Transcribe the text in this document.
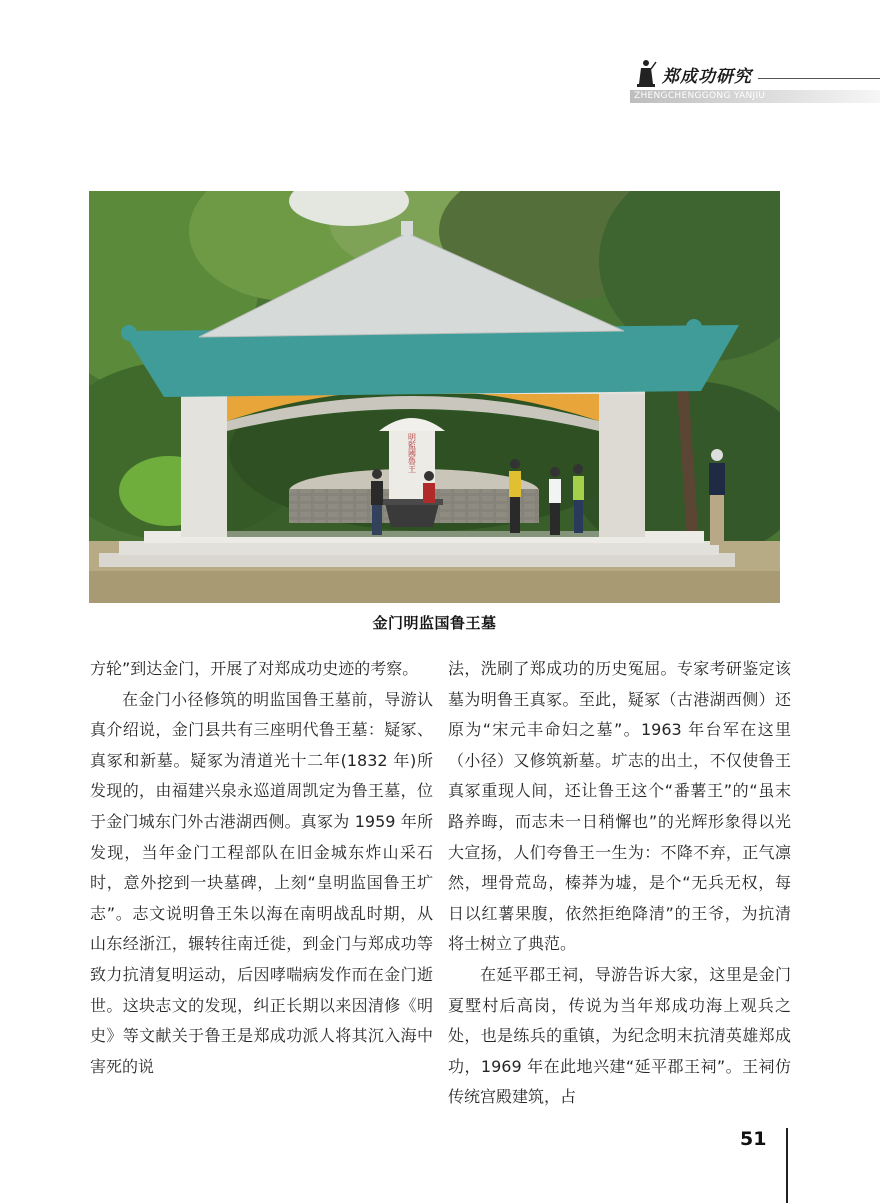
郑成功研究
ZHENGCHENGGONG YANJIU
明監國魯王
金门明监国鲁王墓

方轮”到达金门，开展了对郑成功史迹的考察。

在金门小径修筑的明监国鲁王墓前，导游认真介绍说，金门县共有三座明代鲁王墓：疑冢、真冢和新墓。疑冢为清道光十二年(1832 年)所发现的，由福建兴泉永巡道周凯定为鲁王墓，位于金门城东门外古港湖西侧。真冢为 1959 年所发现，当年金门工程部队在旧金城东炸山采石时，意外挖到一块墓碑，上刻“皇明监国鲁王圹志”。志文说明鲁王朱以海在南明战乱时期，从山东经浙江，辗转往南迁徙，到金门与郑成功等致力抗清复明运动，后因哮喘病发作而在金门逝世。这块志文的发现，纠正长期以来因清修《明史》等文献关于鲁王是郑成功派人将其沉入海中害死的说

法，洗刷了郑成功的历史冤屈。专家考研鉴定该墓为明鲁王真冢。至此，疑冢（古港湖西侧）还原为“宋元丰命妇之墓”。1963 年台军在这里（小径）又修筑新墓。圹志的出土，不仅使鲁王真冢重现人间，还让鲁王这个“番薯王”的“虽末路养晦，而志未一日稍懈也”的光辉形象得以光大宣扬，人们夸鲁王一生为：不降不弃，正气凛然，埋骨荒岛，榛莽为墟，是个“无兵无权，每日以红薯果腹，依然拒绝降清”的王爷，为抗清将士树立了典范。

在延平郡王祠，导游告诉大家，这里是金门夏墅村后高岗，传说为当年郑成功海上观兵之处，也是练兵的重镇，为纪念明末抗清英雄郑成功，1969 年在此地兴建“延平郡王祠”。王祠仿传统宫殿建筑，占

51
